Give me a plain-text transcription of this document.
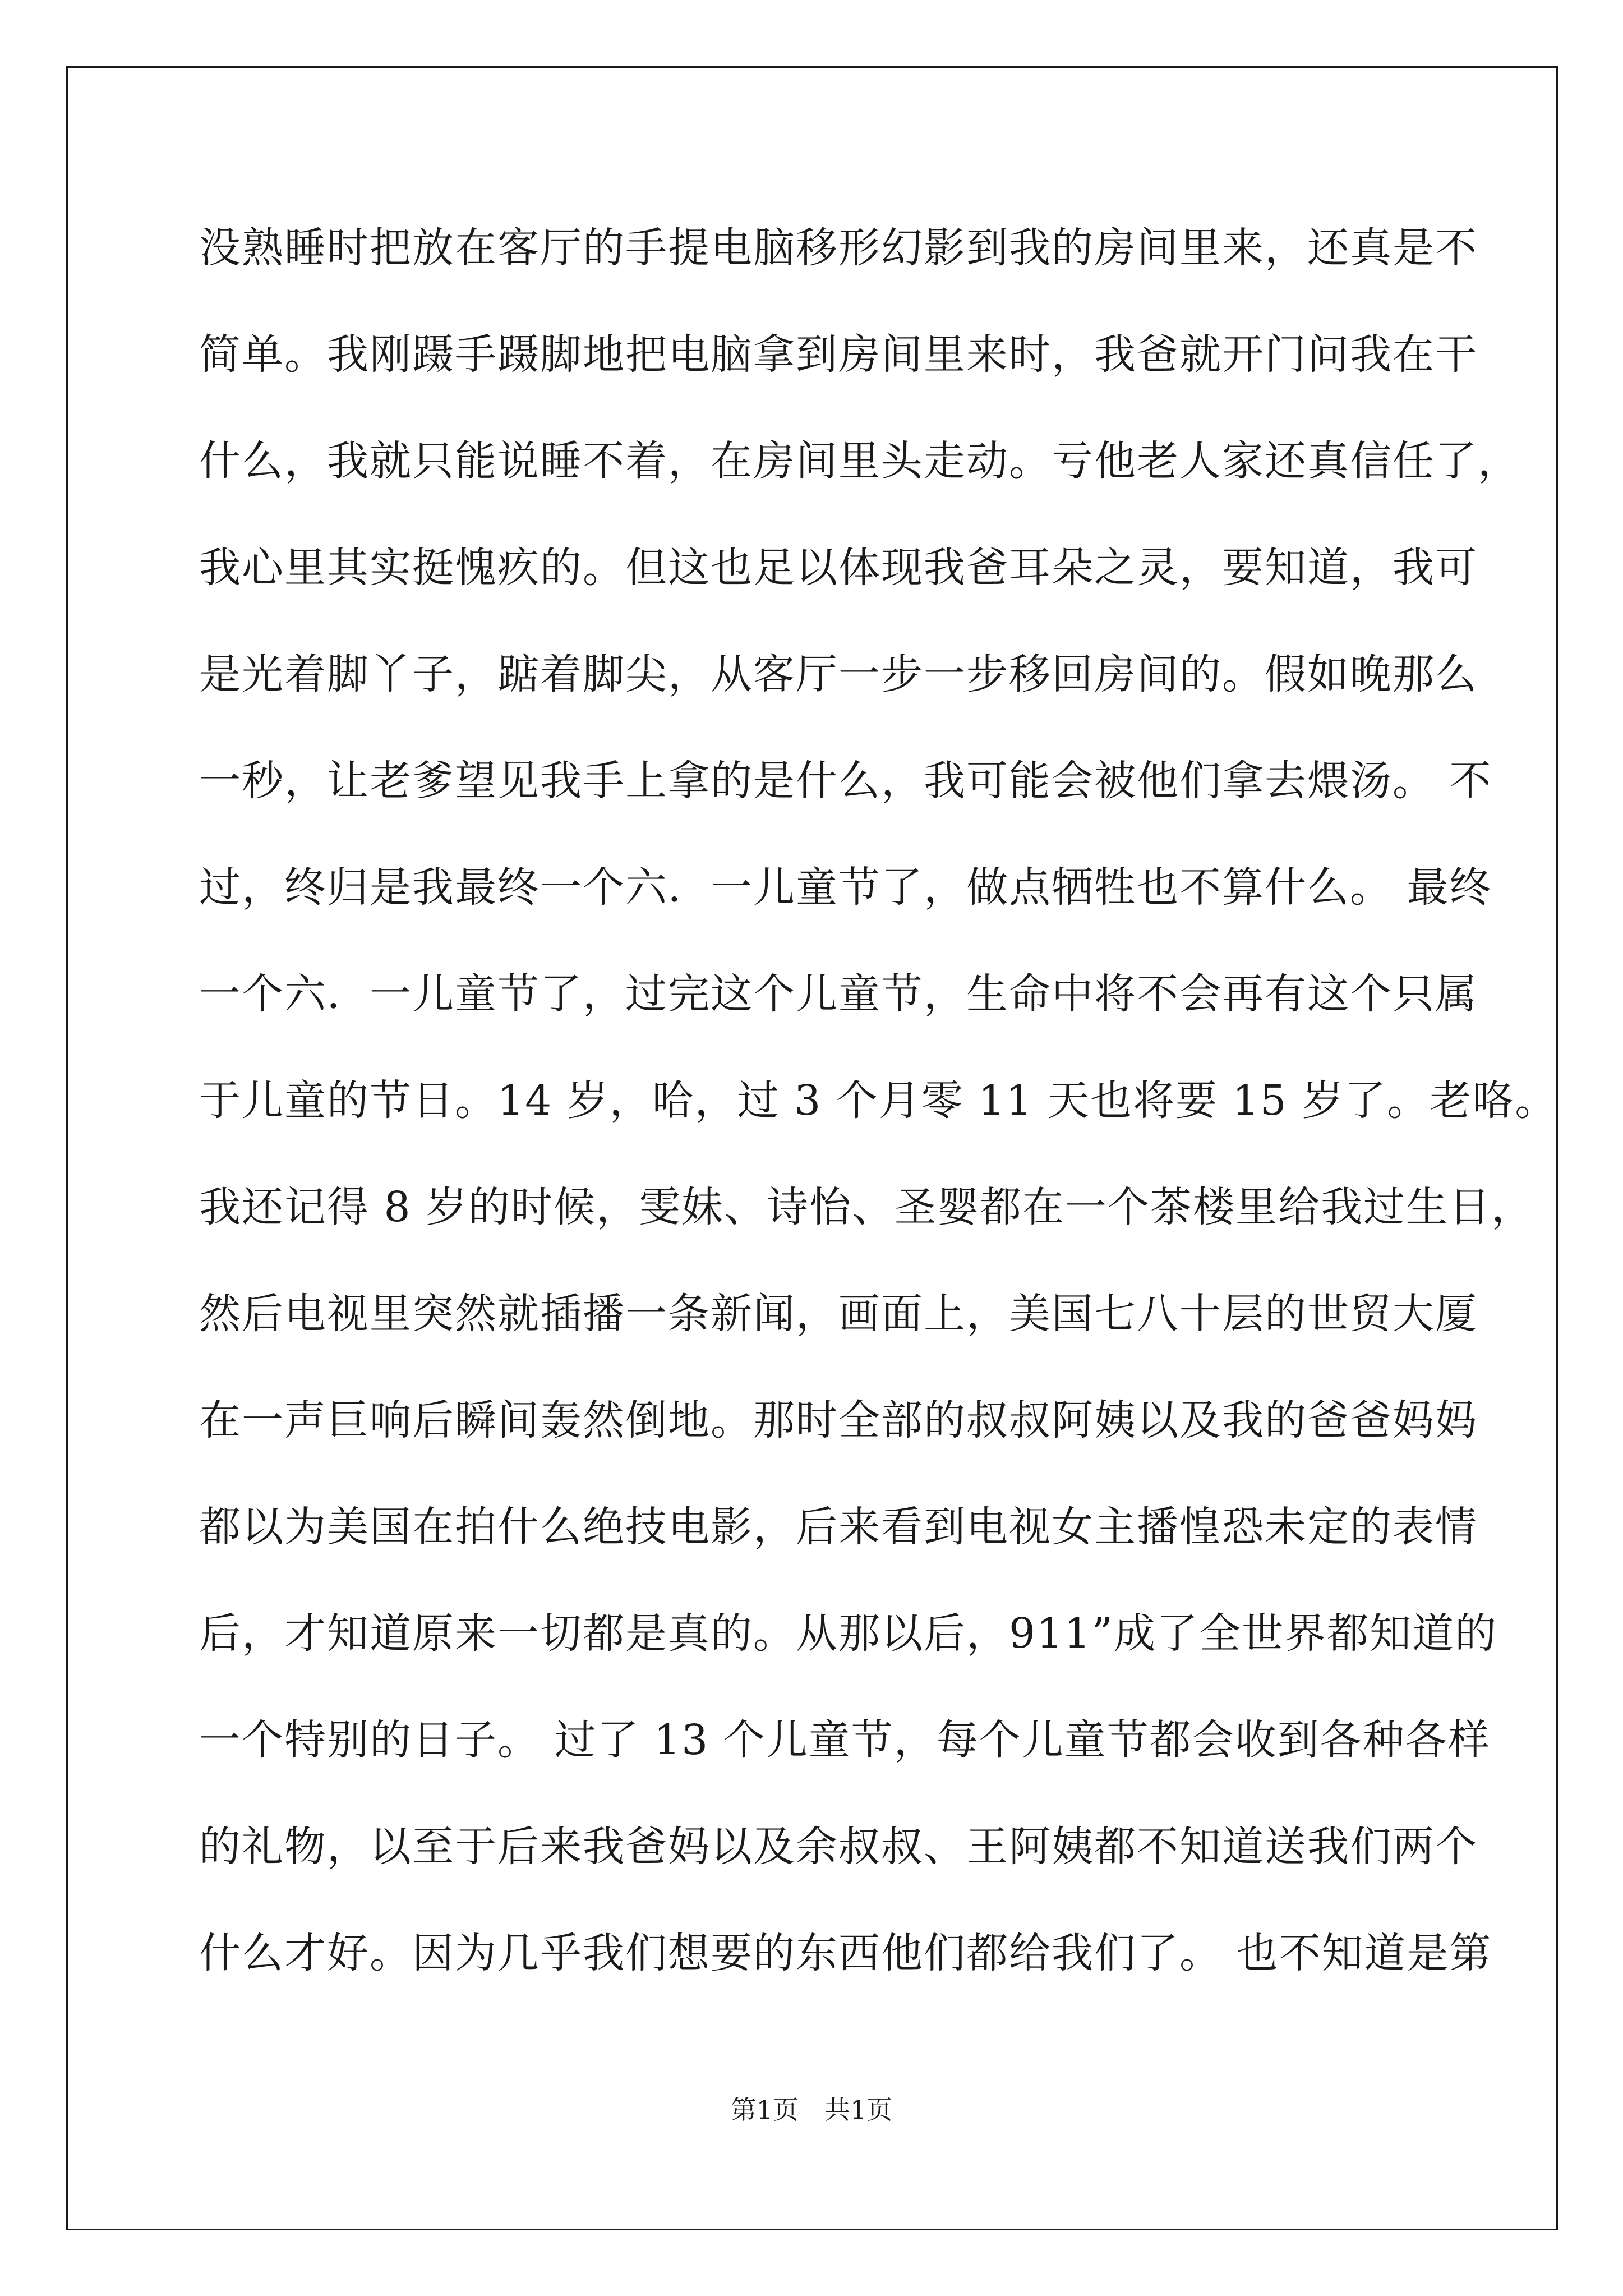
没熟睡时把放在客厅的手提电脑移形幻影到我的房间里来，还真是不
简单。我刚蹑手蹑脚地把电脑拿到房间里来时，我爸就开门问我在干
什么，我就只能说睡不着，在房间里头走动。亏他老人家还真信任了，
我心里其实挺愧疚的。但这也足以体现我爸耳朵之灵，要知道，我可
是光着脚丫子，踮着脚尖，从客厅一步一步移回房间的。假如晚那么
一秒，让老爹望见我手上拿的是什么，我可能会被他们拿去煨汤。 不
过，终归是我最终一个六．一儿童节了，做点牺牲也不算什么。 最终
一个六．一儿童节了，过完这个儿童节，生命中将不会再有这个只属
于儿童的节日。14 岁，哈，过 3 个月零 11 天也将要 15 岁了。老咯。
我还记得 8 岁的时候，雯妹、诗怡、圣婴都在一个茶楼里给我过生日，
然后电视里突然就插播一条新闻，画面上，美国七八十层的世贸大厦
在一声巨响后瞬间轰然倒地。那时全部的叔叔阿姨以及我的爸爸妈妈
都以为美国在拍什么绝技电影，后来看到电视女主播惶恐未定的表情
后，才知道原来一切都是真的。从那以后，911”成了全世界都知道的
一个特别的日子。 过了 13 个儿童节，每个儿童节都会收到各种各样
的礼物，以至于后来我爸妈以及余叔叔、王阿姨都不知道送我们两个
什么才好。因为几乎我们想要的东西他们都给我们了。 也不知道是第
第1页　共1页
